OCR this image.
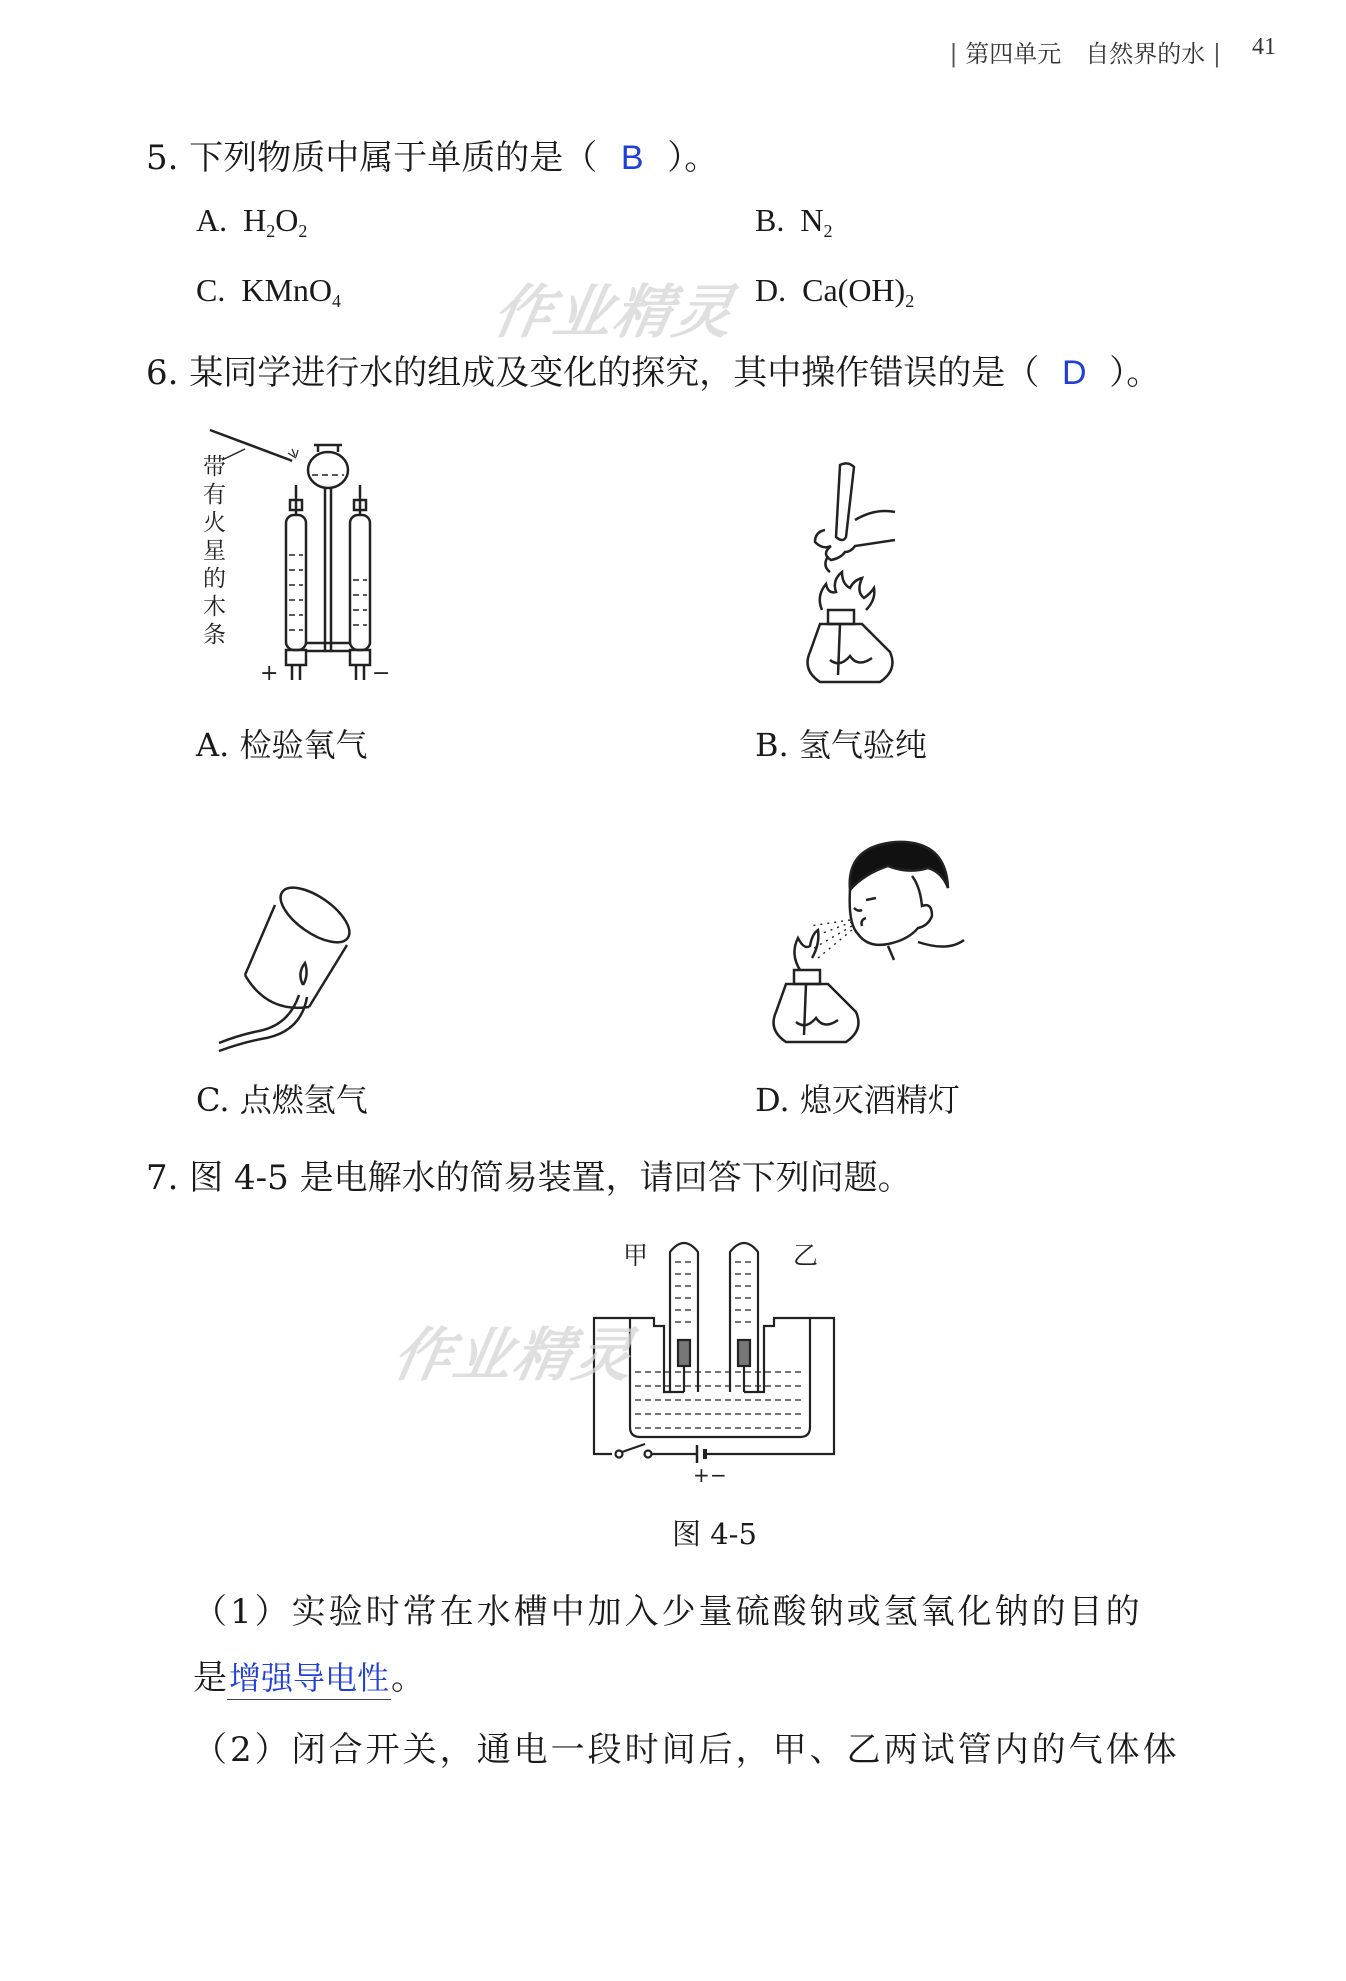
| 第四单元　自然界的水 | 41
5. 下列物质中属于单质的是（ B ）。
A. $H_2O_2$	B. $N_2$
C. KMnO$_4$	D. $Ca(OH)_2$
作业精灵
6. 某同学进行水的组成及变化的探究，其中操作错误的是（ D ）。
带
有
火
星
的
木
条
+	−
A. 检验氧气	B. 氢气验纯
C. 点燃氢气	D. 熄灭酒精灯
7. 图 4-5 是电解水的简易装置，请回答下列问题。
甲	乙
+ −
作业精灵
图 4-5
（1）实验时常在水槽中加入少量硫酸钠或氢氧化钠的目的
是增强导电性。
（2）闭合开关，通电一段时间后，甲、乙两试管内的气体体
